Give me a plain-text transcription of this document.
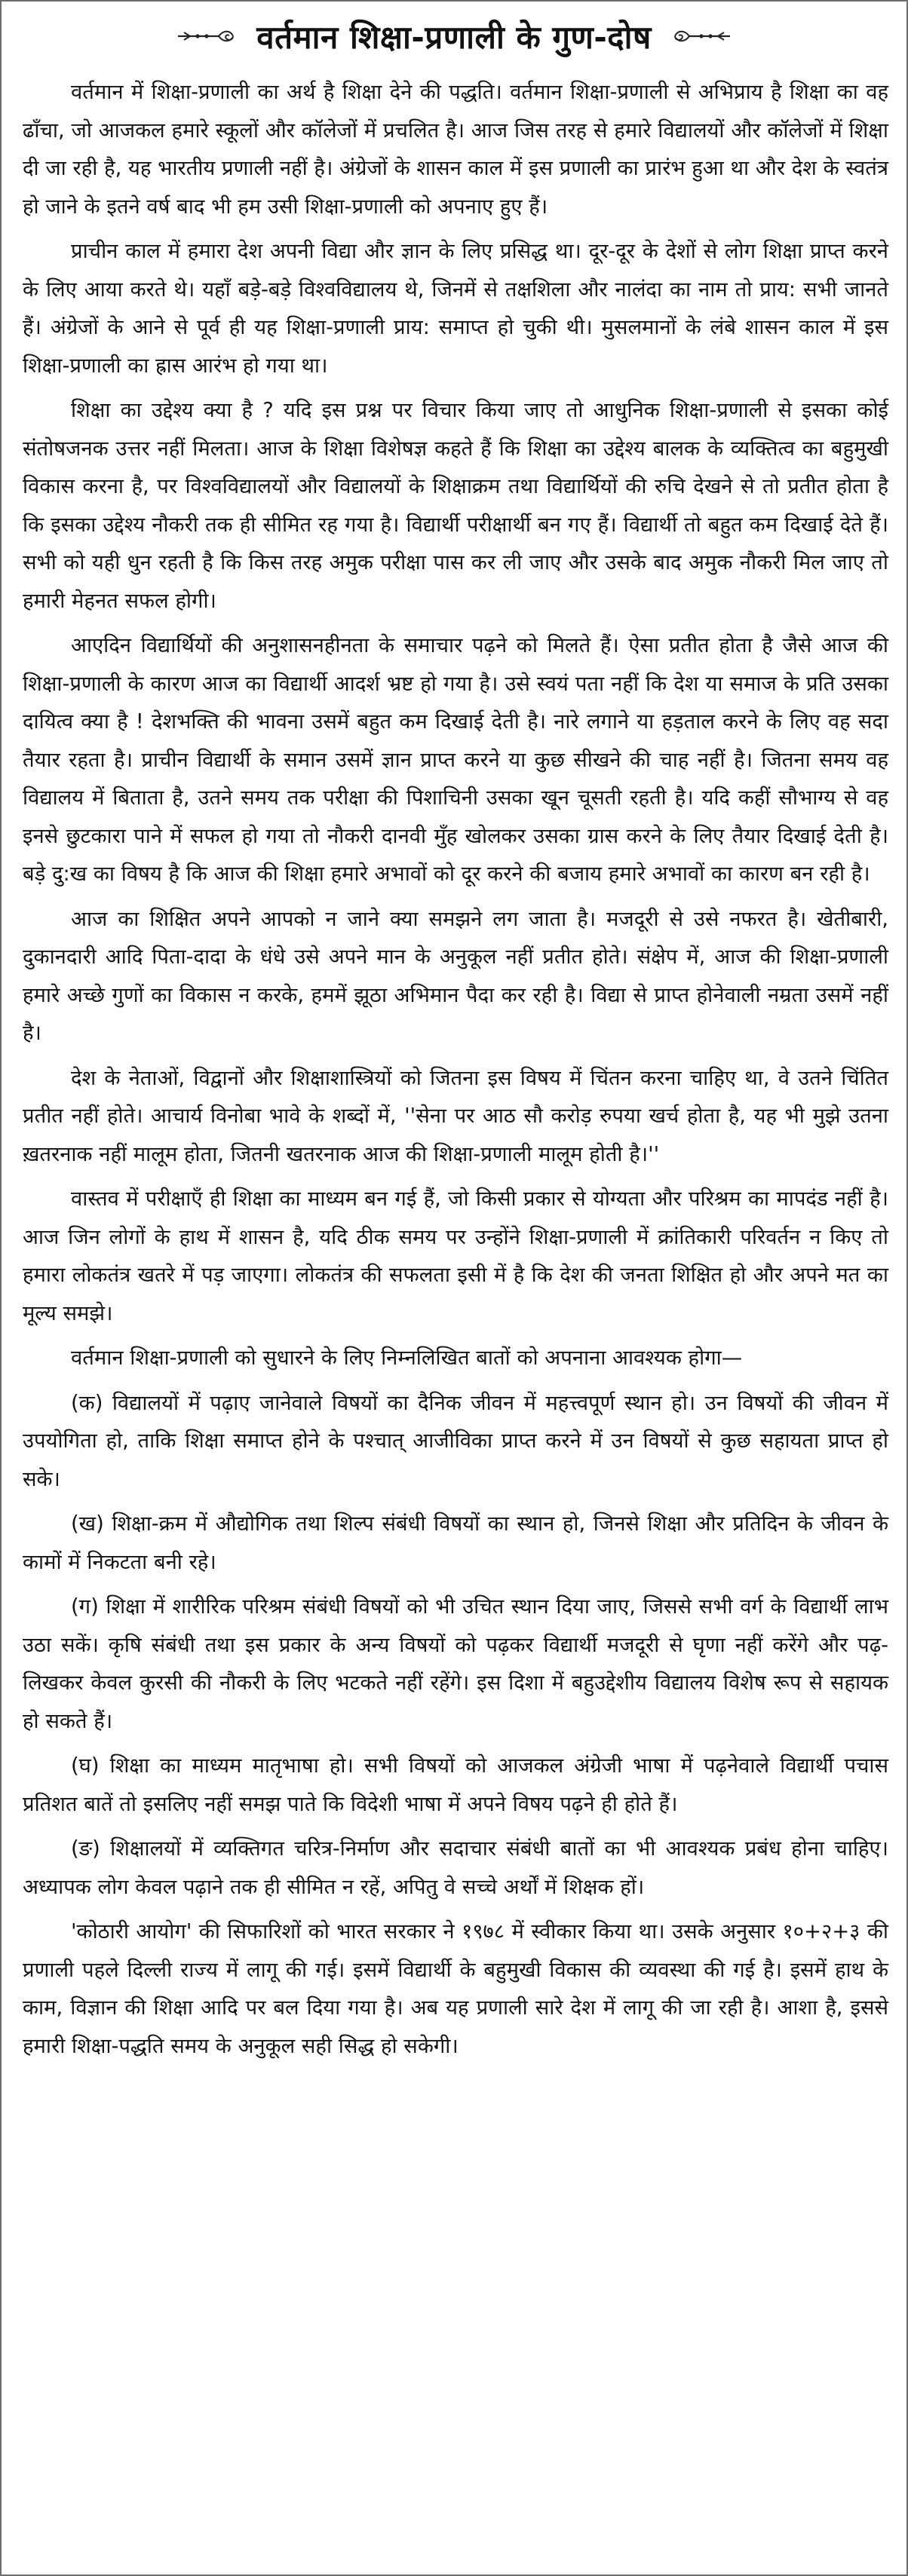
वर्तमान शिक्षा-प्रणाली के गुण-दोष

वर्तमान में शिक्षा-प्रणाली का अर्थ है शिक्षा देने की पद्धति। वर्तमान शिक्षा-प्रणाली से अभिप्राय है शिक्षा का वह ढाँचा, जो आजकल हमारे स्कूलों और कॉलेजों में प्रचलित है। आज जिस तरह से हमारे विद्यालयों और कॉलेजों में शिक्षा दी जा रही है, यह भारतीय प्रणाली नहीं है। अंग्रेजों के शासन काल में इस प्रणाली का प्रारंभ हुआ था और देश के स्वतंत्र हो जाने के इतने वर्ष बाद भी हम उसी शिक्षा-प्रणाली को अपनाए हुए हैं।

प्राचीन काल में हमारा देश अपनी विद्या और ज्ञान के लिए प्रसिद्ध था। दूर-दूर के देशों से लोग शिक्षा प्राप्त करने के लिए आया करते थे। यहाँ बड़े-बड़े विश्वविद्यालय थे, जिनमें से तक्षशिला और नालंदा का नाम तो प्राय: सभी जानते हैं। अंग्रेजों के आने से पूर्व ही यह शिक्षा-प्रणाली प्राय: समाप्त हो चुकी थी। मुसलमानों के लंबे शासन काल में इस शिक्षा-प्रणाली का ह्रास आरंभ हो गया था।

शिक्षा का उद्देश्य क्या है ? यदि इस प्रश्न पर विचार किया जाए तो आधुनिक शिक्षा-प्रणाली से इसका कोई संतोषजनक उत्तर नहीं मिलता। आज के शिक्षा विशेषज्ञ कहते हैं कि शिक्षा का उद्देश्य बालक के व्यक्तित्व का बहुमुखी विकास करना है, पर विश्वविद्यालयों और विद्यालयों के शिक्षाक्रम तथा विद्यार्थियों की रुचि देखने से तो प्रतीत होता है कि इसका उद्देश्य नौकरी तक ही सीमित रह गया है। विद्यार्थी परीक्षार्थी बन गए हैं। विद्यार्थी तो बहुत कम दिखाई देते हैं। सभी को यही धुन रहती है कि किस तरह अमुक परीक्षा पास कर ली जाए और उसके बाद अमुक नौकरी मिल जाए तो हमारी मेहनत सफल होगी।

आएदिन विद्यार्थियों की अनुशासनहीनता के समाचार पढ़ने को मिलते हैं। ऐसा प्रतीत होता है जैसे आज की शिक्षा-प्रणाली के कारण आज का विद्यार्थी आदर्श भ्रष्ट हो गया है। उसे स्वयं पता नहीं कि देश या समाज के प्रति उसका दायित्व क्या है ! देशभक्ति की भावना उसमें बहुत कम दिखाई देती है। नारे लगाने या हड़ताल करने के लिए वह सदा तैयार रहता है। प्राचीन विद्यार्थी के समान उसमें ज्ञान प्राप्त करने या कुछ सीखने की चाह नहीं है। जितना समय वह विद्यालय में बिताता है, उतने समय तक परीक्षा की पिशाचिनी उसका खून चूसती रहती है। यदि कहीं सौभाग्य से वह इनसे छुटकारा पाने में सफल हो गया तो नौकरी दानवी मुँह खोलकर उसका ग्रास करने के लिए तैयार दिखाई देती है। बड़े दु:ख का विषय है कि आज की शिक्षा हमारे अभावों को दूर करने की बजाय हमारे अभावों का कारण बन रही है।

आज का शिक्षित अपने आपको न जाने क्या समझने लग जाता है। मजदूरी से उसे नफरत है। खेतीबारी, दुकानदारी आदि पिता-दादा के धंधे उसे अपने मान के अनुकूल नहीं प्रतीत होते। संक्षेप में, आज की शिक्षा-प्रणाली हमारे अच्छे गुणों का विकास न करके, हममें झूठा अभिमान पैदा कर रही है। विद्या से प्राप्त होनेवाली नम्रता उसमें नहीं है।

देश के नेताओं, विद्वानों और शिक्षाशास्त्रियों को जितना इस विषय में चिंतन करना चाहिए था, वे उतने चिंतित प्रतीत नहीं होते। आचार्य विनोबा भावे के शब्दों में, ''सेना पर आठ सौ करोड़ रुपया खर्च होता है, यह भी मुझे उतना ख़तरनाक नहीं मालूम होता, जितनी खतरनाक आज की शिक्षा-प्रणाली मालूम होती है।''

वास्तव में परीक्षाएँ ही शिक्षा का माध्यम बन गई हैं, जो किसी प्रकार से योग्यता और परिश्रम का मापदंड नहीं है। आज जिन लोगों के हाथ में शासन है, यदि ठीक समय पर उन्होंने शिक्षा-प्रणाली में क्रांतिकारी परिवर्तन न किए तो हमारा लोकतंत्र खतरे में पड़ जाएगा। लोकतंत्र की सफलता इसी में है कि देश की जनता शिक्षित हो और अपने मत का मूल्य समझे।

वर्तमान शिक्षा-प्रणाली को सुधारने के लिए निम्नलिखित बातों को अपनाना आवश्यक होगा—

(क) विद्यालयों में पढ़ाए जानेवाले विषयों का दैनिक जीवन में महत्त्वपूर्ण स्थान हो। उन विषयों की जीवन में उपयोगिता हो, ताकि शिक्षा समाप्त होने के पश्चात् आजीविका प्राप्त करने में उन विषयों से कुछ सहायता प्राप्त हो सके।

(ख) शिक्षा-क्रम में औद्योगिक तथा शिल्प संबंधी विषयों का स्थान हो, जिनसे शिक्षा और प्रतिदिन के जीवन के कामों में निकटता बनी रहे।

(ग) शिक्षा में शारीरिक परिश्रम संबंधी विषयों को भी उचित स्थान दिया जाए, जिससे सभी वर्ग के विद्यार्थी लाभ उठा सकें। कृषि संबंधी तथा इस प्रकार के अन्य विषयों को पढ़कर विद्यार्थी मजदूरी से घृणा नहीं करेंगे और पढ़-लिखकर केवल कुरसी की नौकरी के लिए भटकते नहीं रहेंगे। इस दिशा में बहुउद्देशीय विद्यालय विशेष रूप से सहायक हो सकते हैं।

(घ) शिक्षा का माध्यम मातृभाषा हो। सभी विषयों को आजकल अंग्रेजी भाषा में पढ़नेवाले विद्यार्थी पचास प्रतिशत बातें तो इसलिए नहीं समझ पाते कि विदेशी भाषा में अपने विषय पढ़ने ही होते हैं।

(ङ) शिक्षालयों में व्यक्तिगत चरित्र-निर्माण और सदाचार संबंधी बातों का भी आवश्यक प्रबंध होना चाहिए। अध्यापक लोग केवल पढ़ाने तक ही सीमित न रहें, अपितु वे सच्चे अर्थों में शिक्षक हों।

'कोठारी आयोग' की सिफारिशों को भारत सरकार ने १९७८ में स्वीकार किया था। उसके अनुसार १०+२+३ की प्रणाली पहले दिल्ली राज्य में लागू की गई। इसमें विद्यार्थी के बहुमुखी विकास की व्यवस्था की गई है। इसमें हाथ के काम, विज्ञान की शिक्षा आदि पर बल दिया गया है। अब यह प्रणाली सारे देश में लागू की जा रही है। आशा है, इससे हमारी शिक्षा-पद्धति समय के अनुकूल सही सिद्ध हो सकेगी।
